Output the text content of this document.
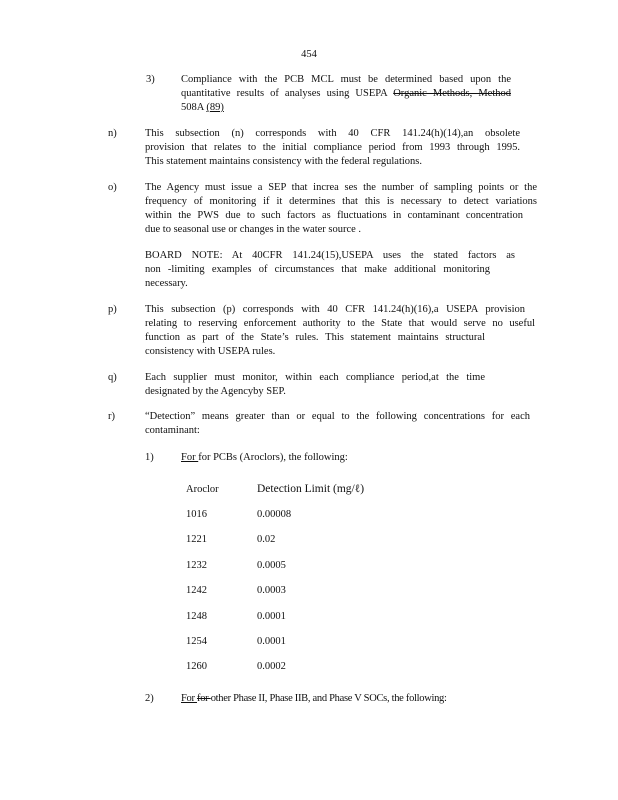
454
3)	Compliance with the PCB MCL must be determined based upon the
quantitative results of analyses using USEPA Organic Methods, Method
508A (89)
n)	This subsection (n) corresponds with 40 CFR 141.24(h)(14),an obsolete
provision that relates to the initial compliance period from 1993 through 1995.
This statement maintains consistency with the federal regulations.
o)	The Agency must issue a SEP that increa ses the number of sampling points or the
frequency of monitoring if it determines that this is necessary to detect variations
within the PWS due to such factors as fluctuations in contaminant concentration
due to seasonal use or changes in the water source .
BOARD NOTE: At 40CFR 141.24(15),USEPA uses the stated factors as
non -limiting examples of circumstances that make additional monitoring
necessary.
p)	This subsection (p) corresponds with 40 CFR 141.24(h)(16),a USEPA provision
relating to reserving enforcement authority to the State that would serve no useful
function as part of the State’s rules. This statement maintains structural
consistency with USEPA rules.
q)	Each supplier must monitor, within each compliance period,at the time
designated by the Agencyby SEP.
r)	“Detection” means greater than or equal to the following concentrations for each
contaminant:
1)	For for PCBs (Aroclors), the following:
Aroclor	Detection Limit (mg/ℓ)
1016	0.00008
1221	0.02
1232	0.0005
1242	0.0003
1248	0.0001
1254	0.0001
1260	0.0002
2)	For for other Phase II, Phase IIB, and Phase V SOCs, the following:
